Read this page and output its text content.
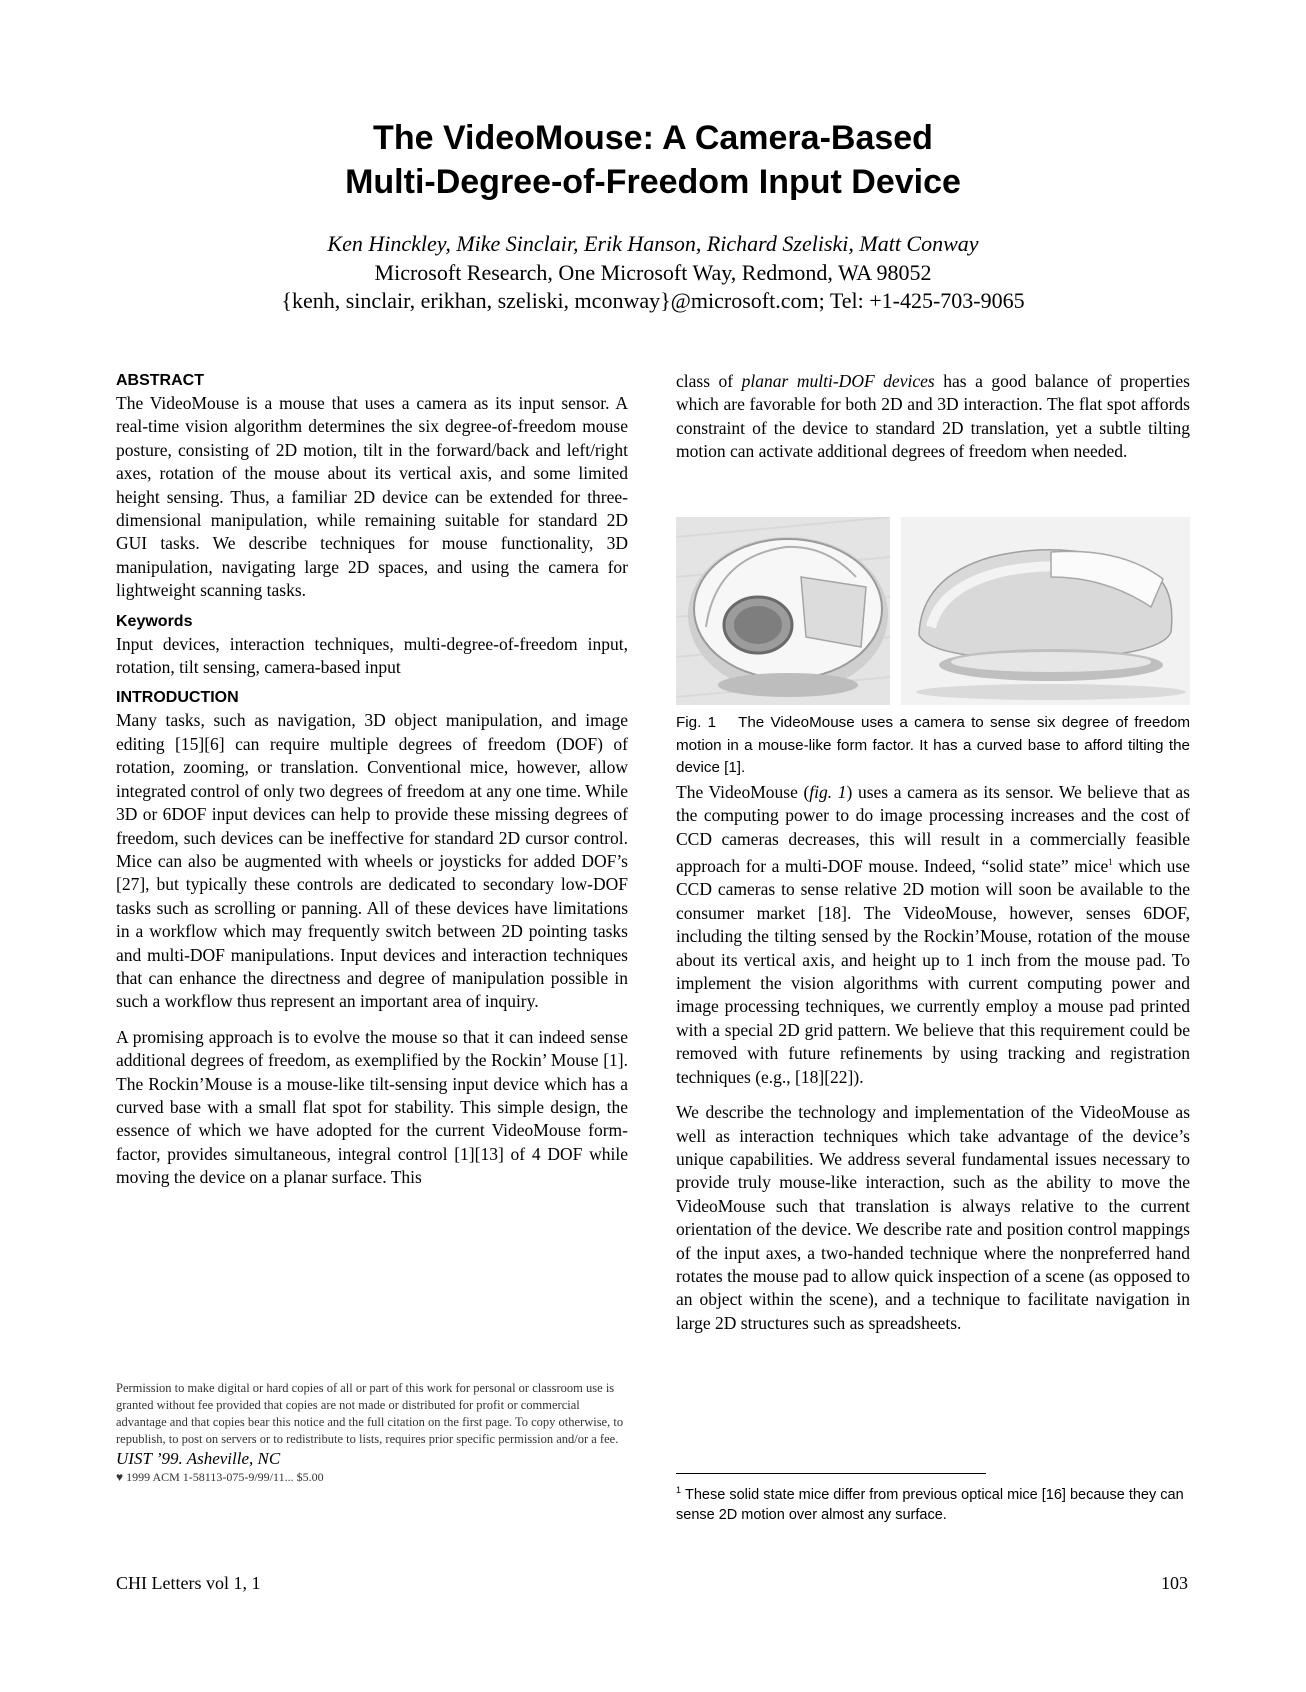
The VideoMouse: A Camera-Based
Multi-Degree-of-Freedom Input Device
Ken Hinckley, Mike Sinclair, Erik Hanson, Richard Szeliski, Matt Conway
Microsoft Research, One Microsoft Way, Redmond, WA 98052
{kenh, sinclair, erikhan, szeliski, mconway}@microsoft.com; Tel: +1-425-703-9065
ABSTRACT

The VideoMouse is a mouse that uses a camera as its input sensor. A real-time vision algorithm determines the six degree-of-freedom mouse posture, consisting of 2D motion, tilt in the forward/back and left/right axes, rotation of the mouse about its vertical axis, and some limited height sensing. Thus, a familiar 2D device can be extended for three-dimensional manipulation, while remaining suitable for standard 2D GUI tasks. We describe techniques for mouse functionality, 3D manipulation, navigating large 2D spaces, and using the camera for lightweight scanning tasks.

Keywords

Input devices, interaction techniques, multi-degree-of-freedom input, rotation, tilt sensing, camera-based input

INTRODUCTION

Many tasks, such as navigation, 3D object manipulation, and image editing [15][6] can require multiple degrees of freedom (DOF) of rotation, zooming, or translation. Conventional mice, however, allow integrated control of only two degrees of freedom at any one time. While 3D or 6DOF input devices can help to provide these missing degrees of freedom, such devices can be ineffective for standard 2D cursor control. Mice can also be augmented with wheels or joysticks for added DOF’s [27], but typically these controls are dedicated to secondary low-DOF tasks such as scrolling or panning. All of these devices have limitations in a workflow which may frequently switch between 2D pointing tasks and multi-DOF manipulations. Input devices and interaction techniques that can enhance the directness and degree of manipulation possible in such a workflow thus represent an important area of inquiry.

A promising approach is to evolve the mouse so that it can indeed sense additional degrees of freedom, as exemplified by the Rockin’ Mouse [1]. The Rockin’Mouse is a mouse-like tilt-sensing input device which has a curved base with a small flat spot for stability. This simple design, the essence of which we have adopted for the current VideoMouse form-factor, provides simultaneous, integral control [1][13] of 4 DOF while moving the device on a planar surface. This

Permission to make digital or hard copies of all or part of this work for personal or classroom use is granted without fee provided that copies are not made or distributed for profit or commercial advantage and that copies bear this notice and the full citation on the first page. To copy otherwise, to republish, to post on servers or to redistribute to lists, requires prior specific permission and/or a fee.

UIST ’99. Asheville, NC

♥ 1999 ACM 1-58113-075-9/99/11... $5.00

class of planar multi-DOF devices has a good balance of properties which are favorable for both 2D and 3D interaction. The flat spot affords constraint of the device to standard 2D translation, yet a subtle tilting motion can activate additional degrees of freedom when needed.

Fig. 1 The VideoMouse uses a camera to sense six degree of freedom motion in a mouse-like form factor. It has a curved base to afford tilting the device [1].

The VideoMouse (fig. 1) uses a camera as its sensor. We believe that as the computing power to do image processing increases and the cost of CCD cameras decreases, this will result in a commercially feasible approach for a multi-DOF mouse. Indeed, “solid state” mice$^1$ which use CCD cameras to sense relative 2D motion will soon be available to the consumer market [18]. The VideoMouse, however, senses 6DOF, including the tilting sensed by the Rockin’Mouse, rotation of the mouse about its vertical axis, and height up to 1 inch from the mouse pad. To implement the vision algorithms with current computing power and image processing techniques, we currently employ a mouse pad printed with a special 2D grid pattern. We believe that this requirement could be removed with future refinements by using tracking and registration techniques (e.g., [18][22]).

We describe the technology and implementation of the VideoMouse as well as interaction techniques which take advantage of the device’s unique capabilities. We address several fundamental issues necessary to provide truly mouse-like interaction, such as the ability to move the VideoMouse such that translation is always relative to the current orientation of the device. We describe rate and position control mappings of the input axes, a two-handed technique where the nonpreferred hand rotates the mouse pad to allow quick inspection of a scene (as opposed to an object within the scene), and a technique to facilitate navigation in large 2D structures such as spreadsheets.

$^1$ These solid state mice differ from previous optical mice [16] because they can sense 2D motion over almost any surface.
CHI Letters vol 1, 1	103
